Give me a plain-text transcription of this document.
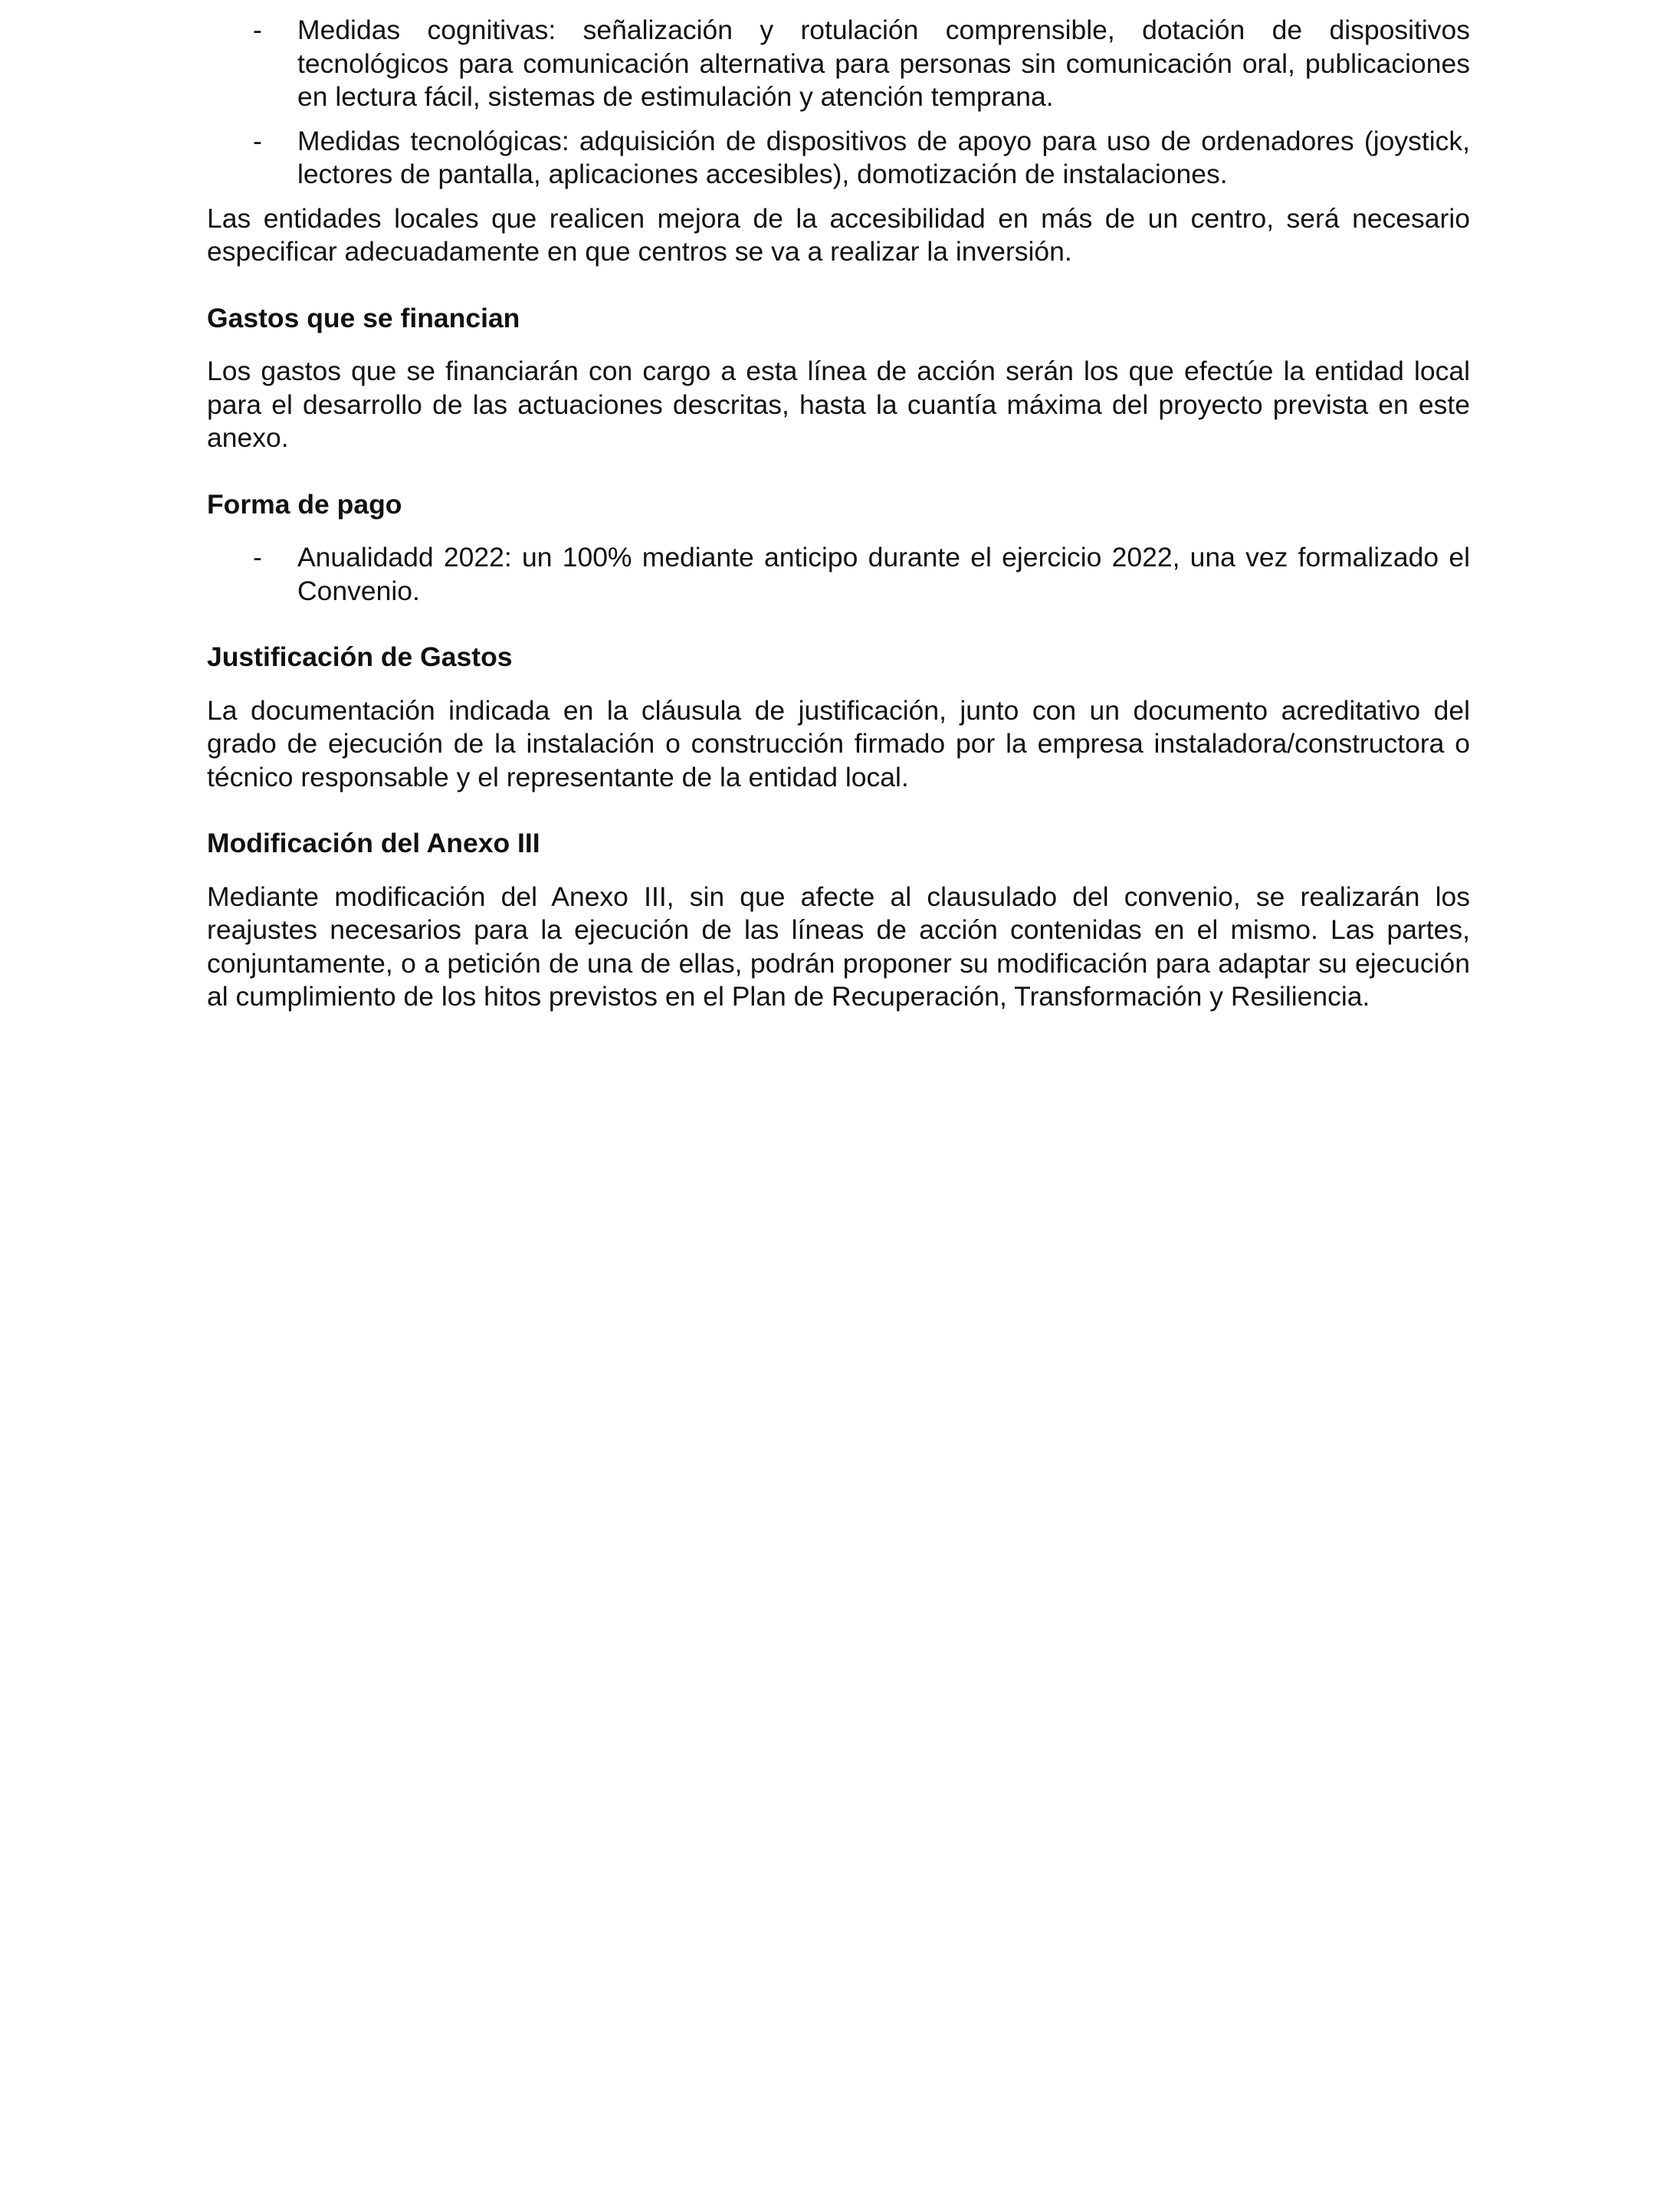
- Medidas cognitivas: señalización y rotulación comprensible, dotación de dispositivos tecnológicos para comunicación alternativa para personas sin comunicación oral, publicaciones en lectura fácil, sistemas de estimulación y atención temprana.

- Medidas tecnológicas: adquisición de dispositivos de apoyo para uso de ordenadores (joystick, lectores de pantalla, aplicaciones accesibles), domotización de instalaciones.

Las entidades locales que realicen mejora de la accesibilidad en más de un centro, será necesario especificar adecuadamente en que centros se va a realizar la inversión.

Gastos que se financian

Los gastos que se financiarán con cargo a esta línea de acción serán los que efectúe la entidad local para el desarrollo de las actuaciones descritas, hasta la cuantía máxima del proyecto prevista en este anexo.

Forma de pago
- Anualidadd 2022: un 100% mediante anticipo durante el ejercicio 2022, una vez formalizado el Convenio.

Justificación de Gastos

La documentación indicada en la cláusula de justificación, junto con un documento acreditativo del grado de ejecución de la instalación o construcción firmado por la empresa instaladora/constructora o técnico responsable y el representante de la entidad local.

Modificación del Anexo III

Mediante modificación del Anexo III, sin que afecte al clausulado del convenio, se realizarán los reajustes necesarios para la ejecución de las líneas de acción contenidas en el mismo. Las partes, conjuntamente, o a petición de una de ellas, podrán proponer su modificación para adaptar su ejecución al cumplimiento de los hitos previstos en el Plan de Recuperación, Transformación y Resiliencia.
